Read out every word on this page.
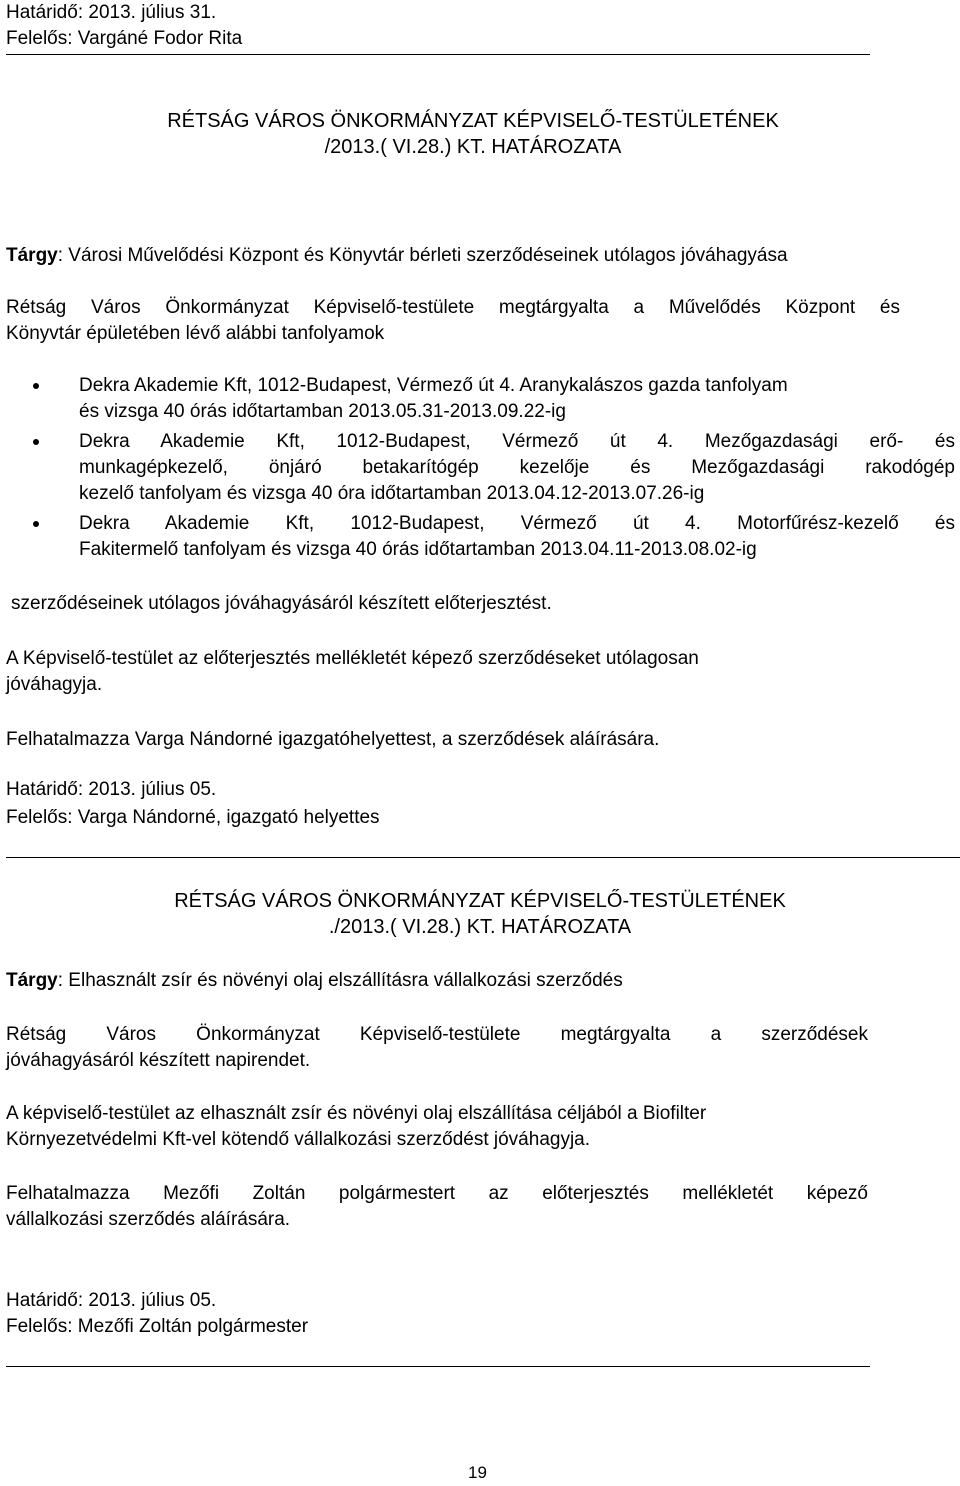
Határidő: 2013. július 31.
Felelős: Vargáné Fodor Rita
RÉTSÁG VÁROS ÖNKORMÁNYZAT KÉPVISELŐ-TESTÜLETÉNEK
/2013.( VI.28.) KT. HATÁROZATA
Tárgy: Városi Művelődési Központ és Könyvtár bérleti szerződéseinek utólagos jóváhagyása
Rétság Város Önkormányzat Képviselő-testülete megtárgyalta a Művelődés Központ és
Könyvtár épületében lévő alábbi tanfolyamok
Dekra Akademie Kft, 1012-Budapest, Vérmező út 4. Aranykalászos gazda tanfolyam
és vizsga 40 órás időtartamban 2013.05.31-2013.09.22-ig
Dekra Akademie Kft, 1012-Budapest, Vérmező út 4. Mezőgazdasági erő- és
munkagépkezelő, önjáró betakarítógép kezelője és Mezőgazdasági rakodógép
kezelő tanfolyam és vizsga 40 óra időtartamban 2013.04.12-2013.07.26-ig
Dekra Akademie Kft, 1012-Budapest, Vérmező út 4. Motorfűrész-kezelő és
Fakitermelő tanfolyam és vizsga 40 órás időtartamban 2013.04.11-2013.08.02-ig
szerződéseinek utólagos jóváhagyásáról készített előterjesztést.
A Képviselő-testület az előterjesztés mellékletét képező szerződéseket utólagosan
jóváhagyja.
Felhatalmazza Varga Nándorné igazgatóhelyettest, a szerződések aláírására.
Határidő: 2013. július 05.
Felelős: Varga Nándorné, igazgató helyettes
RÉTSÁG VÁROS ÖNKORMÁNYZAT KÉPVISELŐ-TESTÜLETÉNEK
./2013.( VI.28.) KT. HATÁROZATA
Tárgy: Elhasznált zsír és növényi olaj elszállításra vállalkozási szerződés
Rétság Város Önkormányzat Képviselő-testülete megtárgyalta a szerződések
jóváhagyásáról készített napirendet.
A képviselő-testület az elhasznált zsír és növényi olaj elszállítása céljából a Biofilter
Környezetvédelmi Kft-vel kötendő vállalkozási szerződést jóváhagyja.
Felhatalmazza Mezőfi Zoltán polgármestert az előterjesztés mellékletét képező
vállalkozási szerződés aláírására.
Határidő: 2013. július 05.
Felelős: Mezőfi Zoltán polgármester
19
